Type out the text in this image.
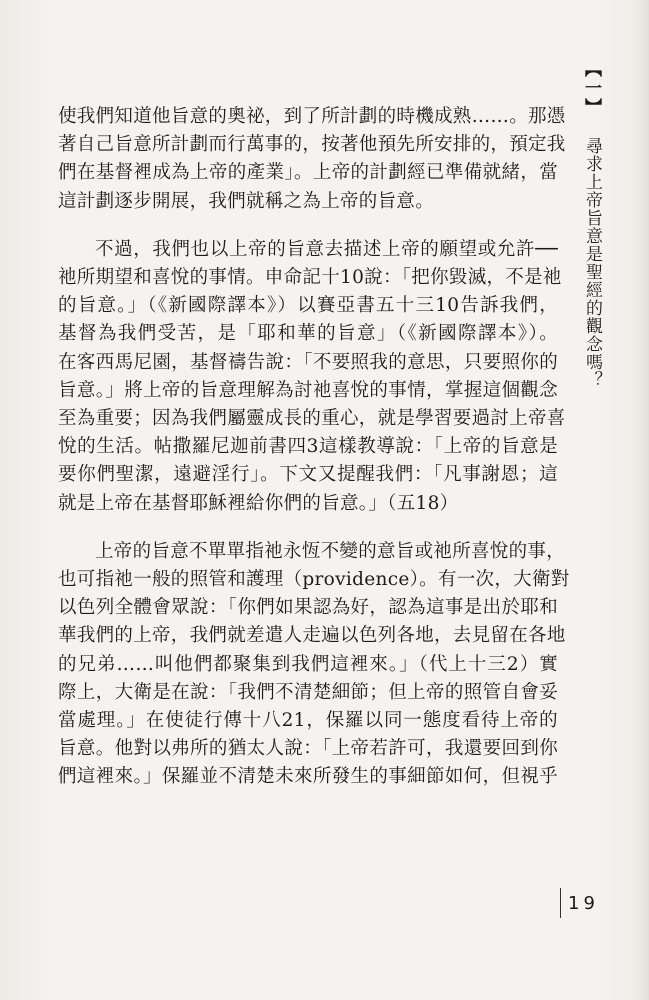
【一】
尋求上帝旨意是聖經的觀念嗎？

使我們知道他旨意的奧祕，到了所計劃的時機成熟……。那憑
著自己旨意所計劃而行萬事的，按著他預先所安排的，預定我
們在基督裡成為上帝的產業」。上帝的計劃經已準備就緒，當
這計劃逐步開展，我們就稱之為上帝的旨意。

不過，我們也以上帝的旨意去描述上帝的願望或允許──
祂所期望和喜悅的事情。申命記十10說：「把你毀滅，不是祂
的旨意。」（《新國際譯本》）以賽亞書五十三10告訴我們，
基督為我們受苦，是「耶和華的旨意」（《新國際譯本》）。
在客西馬尼園，基督禱告說：「不要照我的意思，只要照你的
旨意。」將上帝的旨意理解為討祂喜悅的事情，掌握這個觀念
至為重要；因為我們屬靈成長的重心，就是學習要過討上帝喜
悅的生活。帖撒羅尼迦前書四3這樣教導說：「上帝的旨意是
要你們聖潔，遠避淫行」。下文又提醒我們：「凡事謝恩；這
就是上帝在基督耶穌裡給你們的旨意。」（五18）

上帝的旨意不單單指祂永恆不變的意旨或祂所喜悅的事，
也可指祂一般的照管和護理（providence）。有一次，大衛對
以色列全體會眾說：「你們如果認為好，認為這事是出於耶和
華我們的上帝，我們就差遣人走遍以色列各地，去見留在各地
的兄弟……叫他們都聚集到我們這裡來。」（代上十三2）實
際上，大衛是在說：「我們不清楚細節；但上帝的照管自會妥
當處理。」在使徒行傳十八21，保羅以同一態度看待上帝的
旨意。他對以弗所的猶太人說：「上帝若許可，我還要回到你
們這裡來。」保羅並不清楚未來所發生的事細節如何，但視乎

19
